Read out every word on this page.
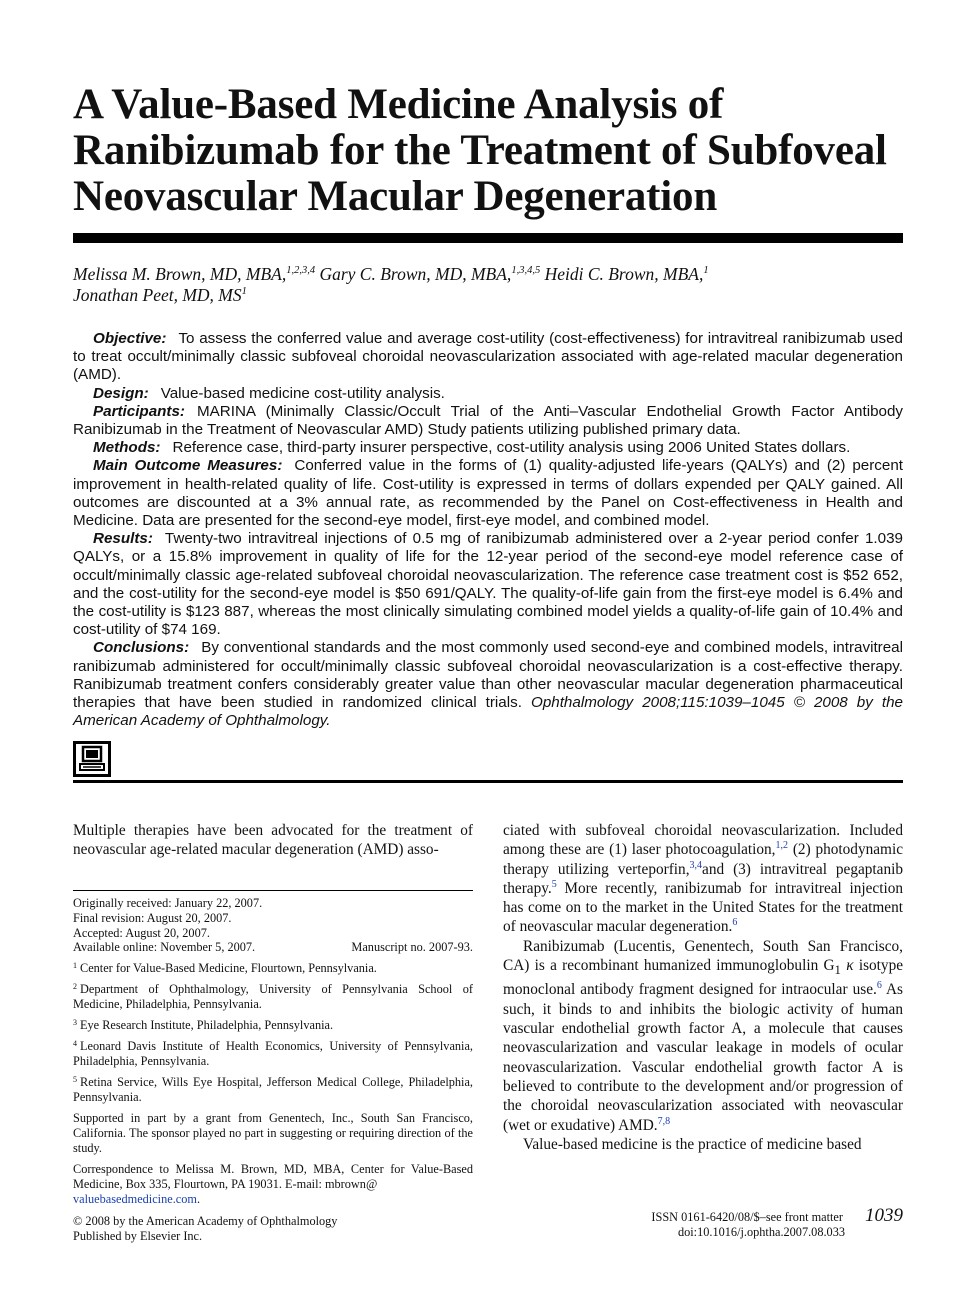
A Value-Based Medicine Analysis of
Ranibizumab for the Treatment of Subfoveal
Neovascular Macular Degeneration
Melissa M. Brown, MD, MBA,$^{1,2,3,4}$ Gary C. Brown, MD, MBA,$^{1,3,4,5}$ Heidi C. Brown, MBA,$^1$
Jonathan Peet, MD, $MS^1$

Objective: To assess the conferred value and average cost-utility (cost-effectiveness) for intravitreal ranibizumab used to treat occult/minimally classic subfoveal choroidal neovascularization associated with age-related macular degeneration (AMD).

Design: Value-based medicine cost-utility analysis.

Participants: MARINA (Minimally Classic/Occult Trial of the Anti–Vascular Endothelial Growth Factor Antibody Ranibizumab in the Treatment of Neovascular AMD) Study patients utilizing published primary data.

Methods: Reference case, third-party insurer perspective, cost-utility analysis using 2006 United States dollars.

Main Outcome Measures: Conferred value in the forms of (1) quality-adjusted life-years (QALYs) and (2) percent improvement in health-related quality of life. Cost-utility is expressed in terms of dollars expended per QALY gained. All outcomes are discounted at a 3% annual rate, as recommended by the Panel on Cost-effectiveness in Health and Medicine. Data are presented for the second-eye model, first-eye model, and combined model.

Results: Twenty-two intravitreal injections of 0.5 mg of ranibizumab administered over a 2-year period confer 1.039 QALYs, or a 15.8% improvement in quality of life for the 12-year period of the second-eye model reference case of occult/minimally classic age-related subfoveal choroidal neovascularization. The reference case treatment cost is $52 652, and the cost-utility for the second-eye model is $50 691/QALY. The quality-of-life gain from the first-eye model is 6.4% and the cost-utility is $123 887, whereas the most clinically simulating combined model yields a quality-of-life gain of 10.4% and cost-utility of $74 169.

Conclusions: By conventional standards and the most commonly used second-eye and combined models, intravitreal ranibizumab administered for occult/minimally classic subfoveal choroidal neovascularization is a cost-effective therapy. Ranibizumab treatment confers considerably greater value than other neovascular macular degeneration pharmaceutical therapies that have been studied in randomized clinical trials. Ophthalmology 2008;115:1039–1045 © 2008 by the American Academy of Ophthalmology.

Multiple therapies have been advocated for the treatment of neovascular age-related macular degeneration (AMD) asso-

Originally received: January 22, 2007.
Final revision: August 20, 2007.
Accepted: August 20, 2007.
Available online: November 5, 2007.	Manuscript no. 2007-93.
$^1$ Center for Value-Based Medicine, Flourtown, Pennsylvania.
$^2$ Department of Ophthalmology, University of Pennsylvania School of Medicine, Philadelphia, Pennsylvania.
$^3$ Eye Research Institute, Philadelphia, Pennsylvania.
$^4$ Leonard Davis Institute of Health Economics, University of Pennsylvania, Philadelphia, Pennsylvania.
$^5$ Retina Service, Wills Eye Hospital, Jefferson Medical College, Philadelphia, Pennsylvania.
Supported in part by a grant from Genentech, Inc., South San Francisco, California. The sponsor played no part in suggesting or requiring direction of the study.
Correspondence to Melissa M. Brown, MD, MBA, Center for Value-Based Medicine, Box 335, Flourtown, PA 19031. E-mail: mbrown@
valuebasedmedicine.com.

ciated with subfoveal choroidal neovascularization. Included among these are (1) laser photocoagulation,$^{1,2}$ (2) photodynamic therapy utilizing verteporfin,$^{3,4}$and (3) intravitreal pegaptanib therapy.$^5$ More recently, ranibizumab for intravitreal injection has come on to the market in the United States for the treatment of neovascular macular degeneration.$^6$

Ranibizumab (Lucentis, Genentech, South San Francisco, CA) is a recombinant humanized immunoglobulin $G_1$ κ isotype monoclonal antibody fragment designed for intraocular use.$^6$ As such, it binds to and inhibits the biologic activity of human vascular endothelial growth factor A, a molecule that causes neovascularization and vascular leakage in models of ocular neovascularization. Vascular endothelial growth factor A is believed to contribute to the development and/or progression of the choroidal neovascularization associated with neovascular (wet or exudative) AMD.$^{7,8}$

Value-based medicine is the practice of medicine based

© 2008 by the American Academy of Ophthalmology
Published by Elsevier Inc.
ISSN 0161-6420/08/$–see front matter 1039
doi:10.1016/j.ophtha.2007.08.033
